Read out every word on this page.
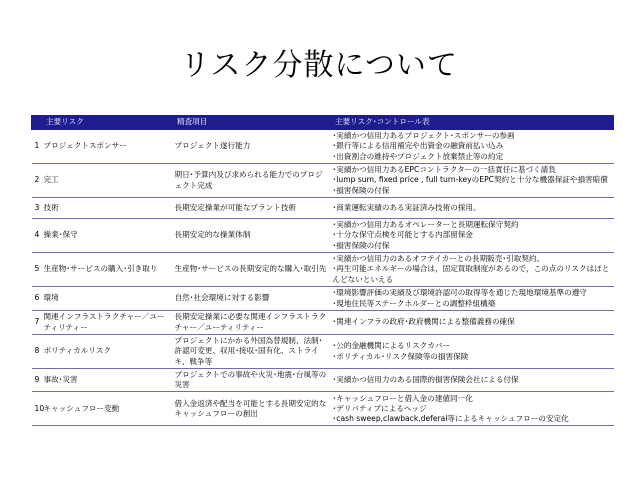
リスク分散について
	主要リスク	精査項目	主要リスク･コントロール表
1	プロジェクトスポンサー	プロジェクト遂行能力	･実績かつ信用力あるプロジェクト･スポンサーの参画
･銀行等による信用補完や出資金の融資前払い込み
･出資割合の維持やプロジェクト放棄禁止等の約定

2	完工	期日･予算内及び求められる能力でのプロジェクト完成	･実績かつ信用力あるEPCコントラクターの一括責任に基づく請負
･lump sum, fixed price , full turn-keyのEPC契約と十分な機器保証や損害賠償
･損害保険の付保

3	技術	長期安定操業が可能なプラント技術	･商業運転実績のある実証済み技術の採用。

4	操業･保守	長期安定的な操業体制	･実績かつ信用力あるオペレーターと長期運転保守契約
･十分な保守点検を可能とする内部留保金
･損害保険の付保

5	生産物･サービスの購入･引き取り	生産物･サービスの長期安定的な購入･取引先	･実績かつ信用力のあるオフテイカーとの長期販売･引取契約。
･再生可能エネルギーの場合は，固定買取制度があるので，この点のリスクはほとんどないといえる

6	環境	自然･社会環境に対する影響	･環境影響評価の実績及び環境許認可の取得等を通じた現地環境基準の遵守
･現地住民等ステークホルダーとの調整枠組構築

7	関連インフラストラクチャー／ユーティリティー	長期安定操業に必要な関連インフラストラクチャー／ユーティリティー	･関連インフラの政府･政府機関による整備義務の確保

8	ポリティカルリスク	プロジェクトにかかる外国為替規制、法制･許認可変更、収用･接収･国有化、ストライキ、戦争等	･公的金融機関によるリスクカバー
･ポリティカル･リスク保険等の損害保険

9	事故･災害	プロジェクトでの事故や火災･地震･台風等の災害	･実績かつ信用力のある国際的損害保険会社による付保

10	キャッシュフロー変動	借入金返済や配当を可能とする長期安定的なキャッシュフローの創出	･キャッシュフローと借入金の建値同一化
･デリバティブによるヘッジ
･cash sweep,clawback,deferal等によるキャッシュフローの安定化
